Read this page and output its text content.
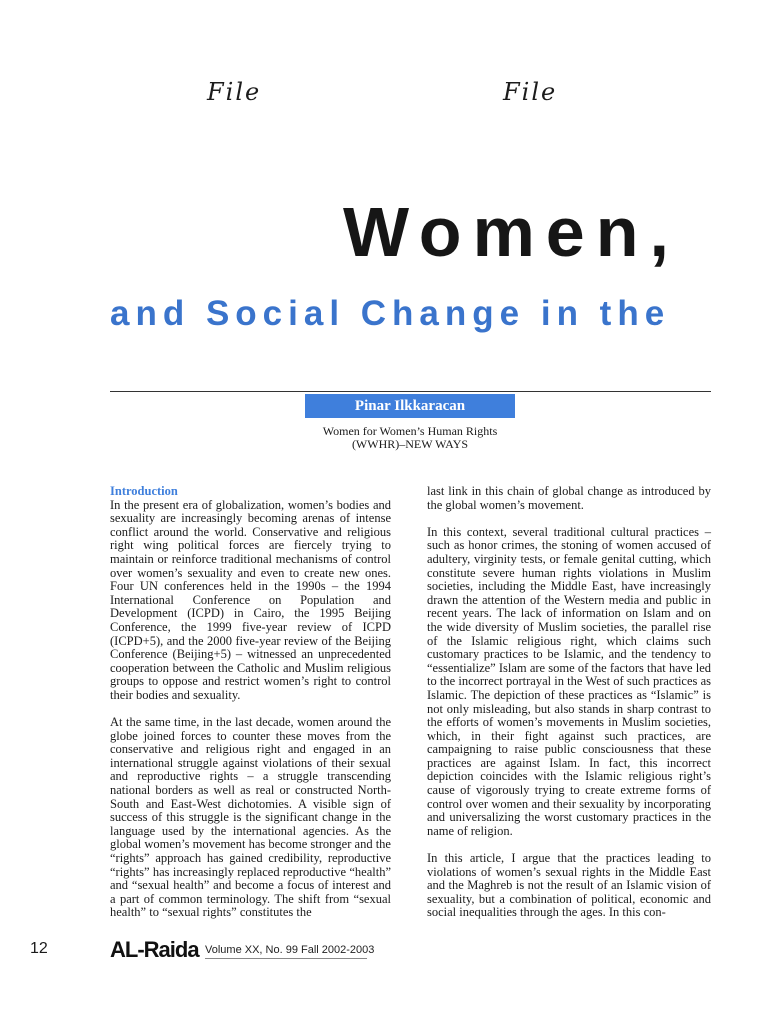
File	File
Women,
and Social Change in the
Pinar Ilkkaracan
Women for Women’s Human Rights
(WWHR)–NEW WAYS

Introduction

In the present era of globalization, women’s bodies and sexuality are increasingly becoming arenas of intense conflict around the world. Conservative and religious right wing political forces are fiercely trying to maintain or reinforce traditional mechanisms of control over women’s sexuality and even to create new ones. Four UN conferences held in the 1990s – the 1994 International Conference on Population and Development (ICPD) in Cairo, the 1995 Beijing Conference, the 1999 five-year review of ICPD (ICPD+5), and the 2000 five-year review of the Beijing Conference (Beijing+5) – witnessed an unprecedented cooperation between the Catholic and Muslim religious groups to oppose and restrict women’s right to control their bodies and sexuality.

At the same time, in the last decade, women around the globe joined forces to counter these moves from the conservative and religious right and engaged in an international struggle against violations of their sexual and reproductive rights – a struggle transcending national borders as well as real or constructed North-South and East-West dichotomies. A visible sign of success of this struggle is the significant change in the language used by the international agencies. As the global women’s movement has become stronger and the “rights” approach has gained credibility, reproductive “rights” has increasingly replaced reproductive “health” and “sexual health” and become a focus of interest and a part of common terminology. The shift from “sexual health” to “sexual rights” constitutes the

last link in this chain of global change as introduced by the global women’s movement.

In this context, several traditional cultural practices – such as honor crimes, the stoning of women accused of adultery, virginity tests, or female genital cutting, which constitute severe human rights violations in Muslim societies, including the Middle East, have increasingly drawn the attention of the Western media and public in recent years. The lack of information on Islam and on the wide diversity of Muslim societies, the parallel rise of the Islamic religious right, which claims such customary practices to be Islamic, and the tendency to “essentialize” Islam are some of the factors that have led to the incorrect portrayal in the West of such practices as Islamic. The depiction of these practices as “Islamic” is not only misleading, but also stands in sharp contrast to the efforts of women’s movements in Muslim societies, which, in their fight against such practices, are campaigning to raise public consciousness that these practices are against Islam. In fact, this incorrect depiction coincides with the Islamic religious right’s cause of vigorously trying to create extreme forms of control over women and their sexuality by incorporating and universalizing the worst customary practices in the name of religion.

In this article, I argue that the practices leading to violations of women’s sexual rights in the Middle East and the Maghreb is not the result of an Islamic vision of sexuality, but a combination of political, economic and social inequalities through the ages. In this con-

12	AL-Raida Volume XX, No. 99 Fall 2002-2003
